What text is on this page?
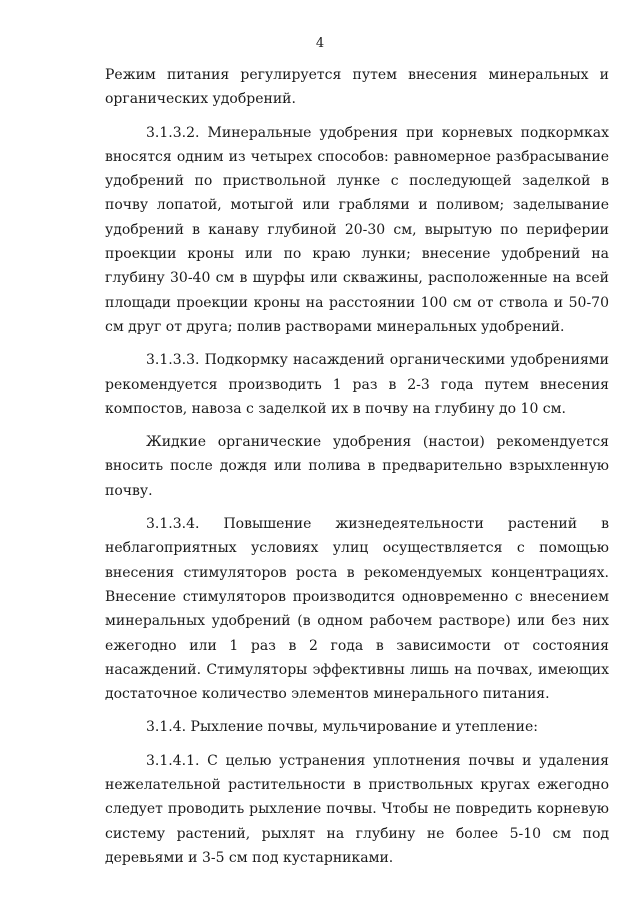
4

Режим питания регулируется путем внесения минеральных и органических удобрений.

3.1.3.2. Минеральные удобрения при корневых подкормках вносятся одним из четырех способов: равномерное разбрасывание удобрений по приствольной лунке с последующей заделкой в почву лопатой, мотыгой или граблями и поливом; заделывание удобрений в канаву глубиной 20-30 см, вырытую по периферии проекции кроны или по краю лунки; внесение удобрений на глубину 30-40 см в шурфы или скважины, расположенные на всей площади проекции кроны на расстоянии 100 см от ствола и 50-70 см друг от друга; полив растворами минеральных удобрений.

3.1.3.3. Подкормку насаждений органическими удобрениями рекомендуется производить 1 раз в 2-3 года путем внесения компостов, навоза с заделкой их в почву на глубину до 10 см.

Жидкие органические удобрения (настои) рекомендуется вносить после дождя или полива в предварительно взрыхленную почву.

3.1.3.4. Повышение жизнедеятельности растений в неблагоприятных условиях улиц осуществляется с помощью внесения стимуляторов роста в рекомендуемых концентрациях. Внесение стимуляторов производится одновременно с внесением минеральных удобрений (в одном рабочем растворе) или без них ежегодно или 1 раз в 2 года в зависимости от состояния насаждений. Стимуляторы эффективны лишь на почвах, имеющих достаточное количество элементов минерального питания.

3.1.4. Рыхление почвы, мульчирование и утепление:

3.1.4.1. С целью устранения уплотнения почвы и удаления нежелательной растительности в приствольных кругах ежегодно следует проводить рыхление почвы. Чтобы не повредить корневую систему растений, рыхлят на глубину не более 5-10 см под деревьями и 3-5 см под кустарниками.
